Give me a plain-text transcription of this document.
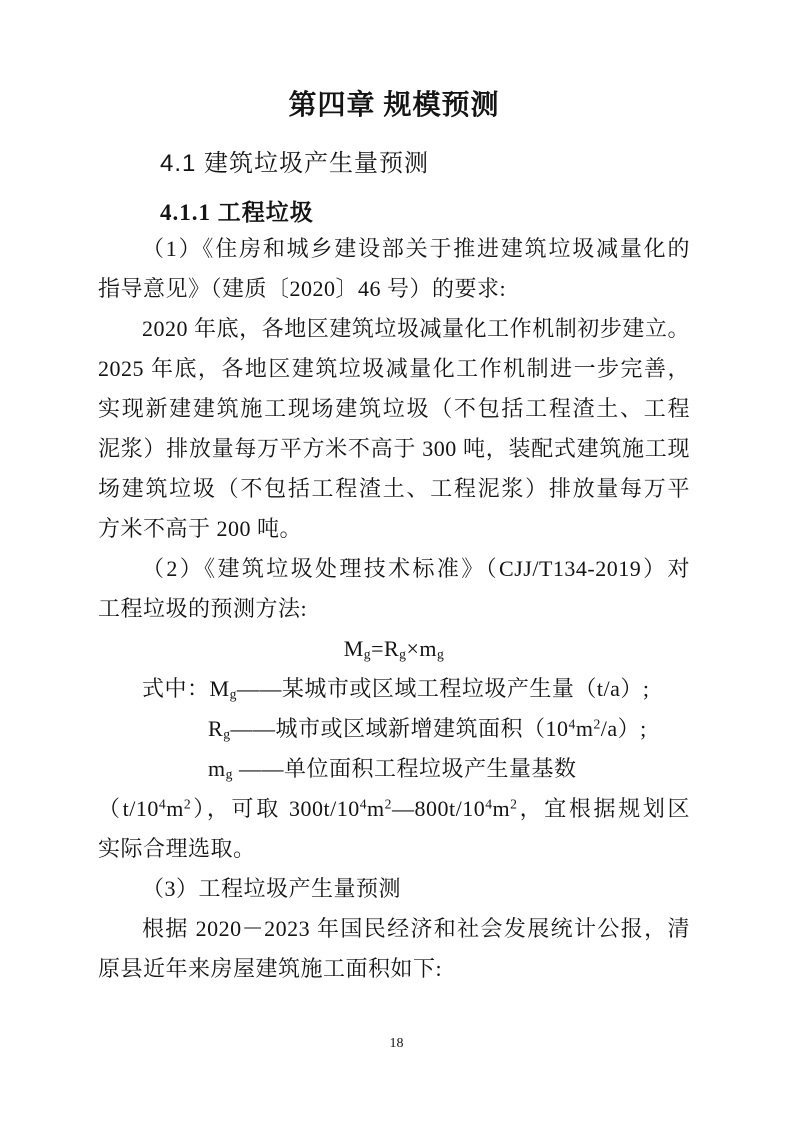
第四章 规模预测
4.1 建筑垃圾产生量预测
4.1.1 工程垃圾
（1）《住房和城乡建设部关于推进建筑垃圾减量化的
指导意见》（建质〔2020〕46 号）的要求:
2020 年底，各地区建筑垃圾减量化工作机制初步建立。
2025 年底，各地区建筑垃圾减量化工作机制进一步完善，
实现新建建筑施工现场建筑垃圾（不包括工程渣土、工程
泥浆）排放量每万平方米不高于 300 吨，装配式建筑施工现
场建筑垃圾（不包括工程渣土、工程泥浆）排放量每万平
方米不高于 200 吨。
（2）《建筑垃圾处理技术标准》（CJJ/T134-2019）对
工程垃圾的预测方法:
$M_g=R_g\times m_g$
式中：$M_g——$某城市或区域工程垃圾产生量（t/a）;
$R_g——$城市或区域新增建筑面积$(10^4m^2/a)$;
$m_g$ ——单位面积工程垃圾产生量基数
$(t/10^4m^2)$，可取 $300t/10^4m^2—800t/10^4m^2$，宜根据规划区
实际合理选取。
（3）工程垃圾产生量预测
根据 2020－2023 年国民经济和社会发展统计公报，清
原县近年来房屋建筑施工面积如下:
18
